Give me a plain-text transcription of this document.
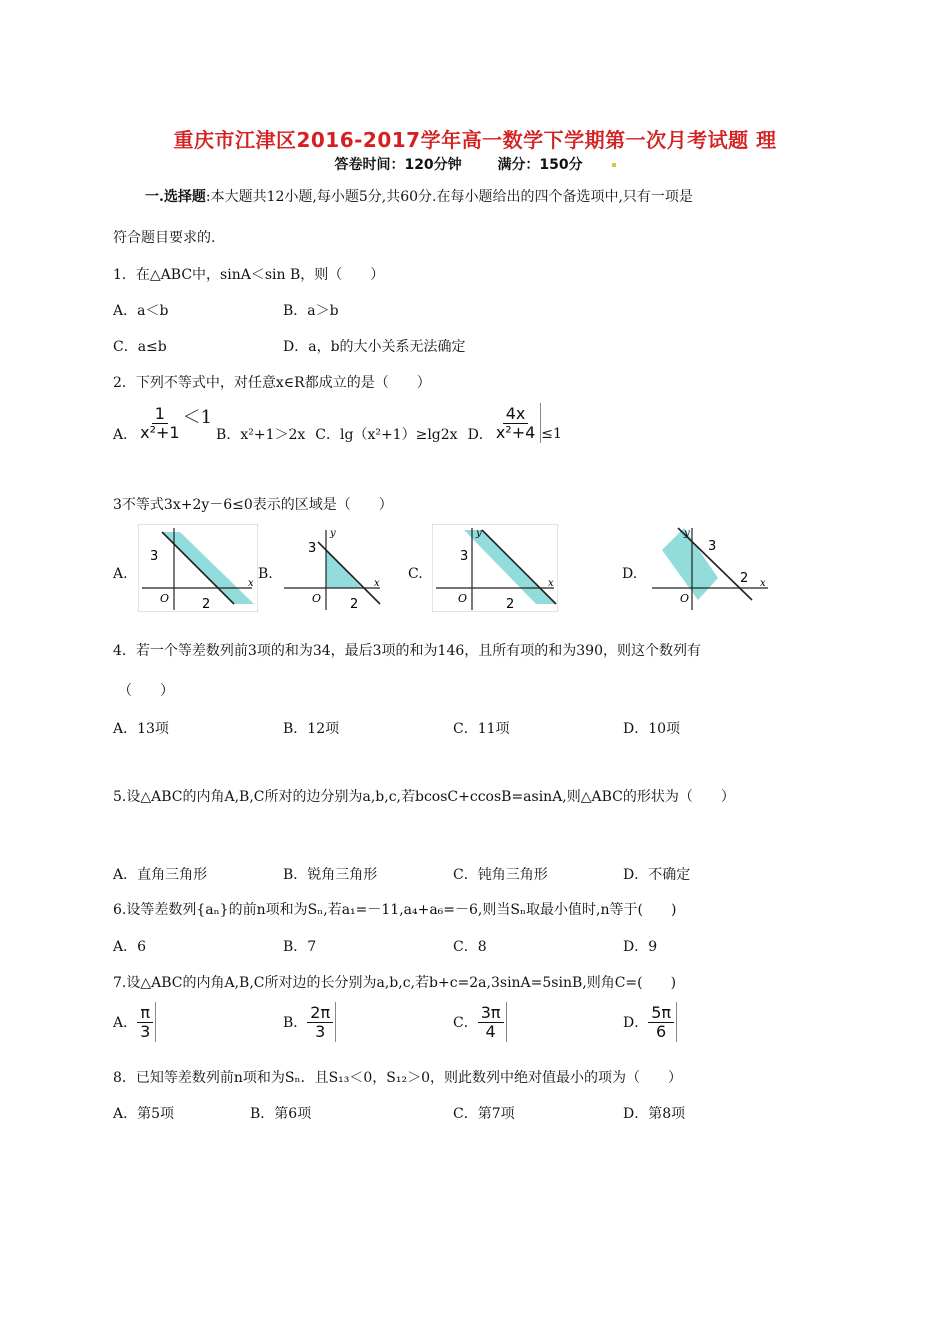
重庆市江津区2016-2017学年高一数学下学期第一次月考试题 理
答卷时间：120分钟	满分：150分
一.选择题:本大题共12小题,每小题5分,共60分.在每小题给出的四个备选项中,只有一项是
符合题目要求的.
1．在△ABC中，sinA＜sin B，则（　　）
A．a＜b	B．a＞b
C．a≤b	D．a，b的大小关系无法确定
2．下列不等式中，对任意x∈R都成立的是（　　）
A． $\frac{1}{\text{x²+1}} <1$
B．x²+1＞2x C．lg（x²+1）≥lg2x D． $\frac{4x}{\text{x²+4}} \le 1$
3不等式3x+2y－6≤0表示的区域是（　　）
A.	B.	C.	D.
3
O	2
x
y
3
O 2
x
y
3
O	2
x
y
3
O
2 x
4．若一个等差数列前3项的和为34，最后3项的和为146，且所有项的和为390，则这个数列有
（　　）
A．13项	B．12项	C．11项	D．10项
5.设△ABC的内角A,B,C所对的边分别为a,b,c,若bcosC+ccosB=asinA,则△ABC的形状为（　　）
A．直角三角形	B．锐角三角形	C．钝角三角形	D．不确定
6.设等差数列{aₙ}的前n项和为Sₙ,若a₁=－11,a₄+a₆=－6,则当Sₙ取最小值时,n等于(　　)
A．6	B．7	C．8	D．9
7.设△ABC的内角A,B,C所对边的长分别为a,b,c,若b+c=2a,3sinA=5sinB,则角C=(　　)
A． $\frac{\pi}{3}$	B． $\frac{2\pi}{3}$	C． $\frac{3\pi}{4}$	D． $\frac{5\pi}{6}$
8．已知等差数列前n项和为Sₙ．且S₁₃＜0，S₁₂＞0，则此数列中绝对值最小的项为（　　）
A．第5项	B．第6项	C．第7项	D．第8项
